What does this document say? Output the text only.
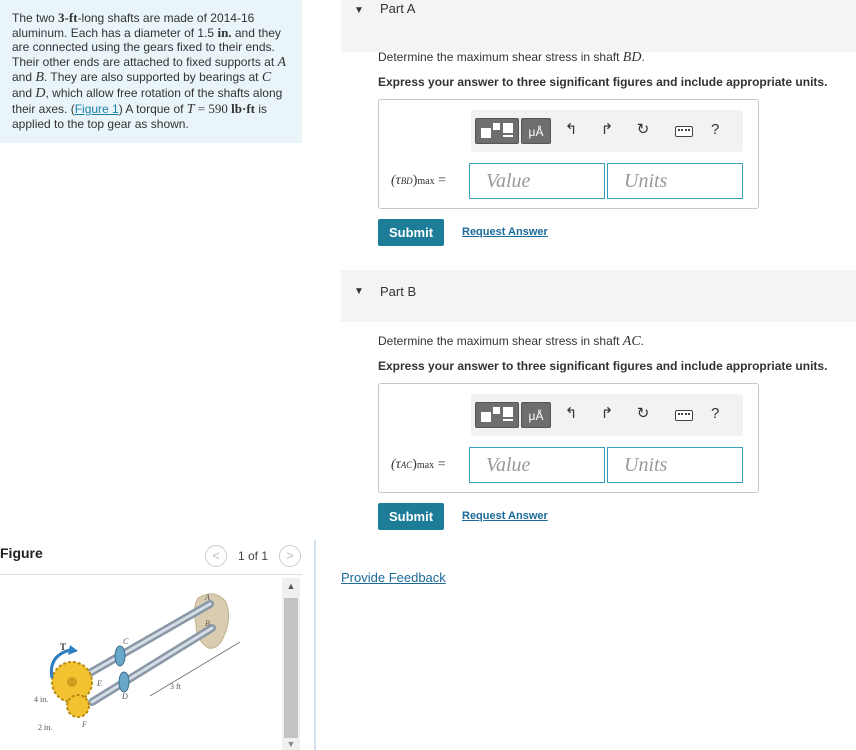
The two 3-ft-long shafts are made of 2014-16 aluminum. Each has a diameter of 1.5 in. and they are connected using the gears fixed to their ends. Their other ends are attached to fixed supports at A and B. They are also supported by bearings at C and D, which allow free rotation of the shafts along their axes. (Figure 1) A torque of T = 590 lb·ft is applied to the top gear as shown.
Figure	<	1 of 1	>
A
B
C
D
E
F
T
3 ft
4 in.
2 in.
▲
▼
▼ Part A
Determine the maximum shear stress in shaft BD.
Express your answer to three significant figures and include appropriate units.
μÅ	↰ ↱ ↻	?
(τBD)max =	Value	Units
Submit	Request Answer
▼ Part B
Determine the maximum shear stress in shaft AC.
Express your answer to three significant figures and include appropriate units.
μÅ	↰ ↱ ↻	?
(τAC)max =	Value	Units
Submit	Request Answer
Provide Feedback
